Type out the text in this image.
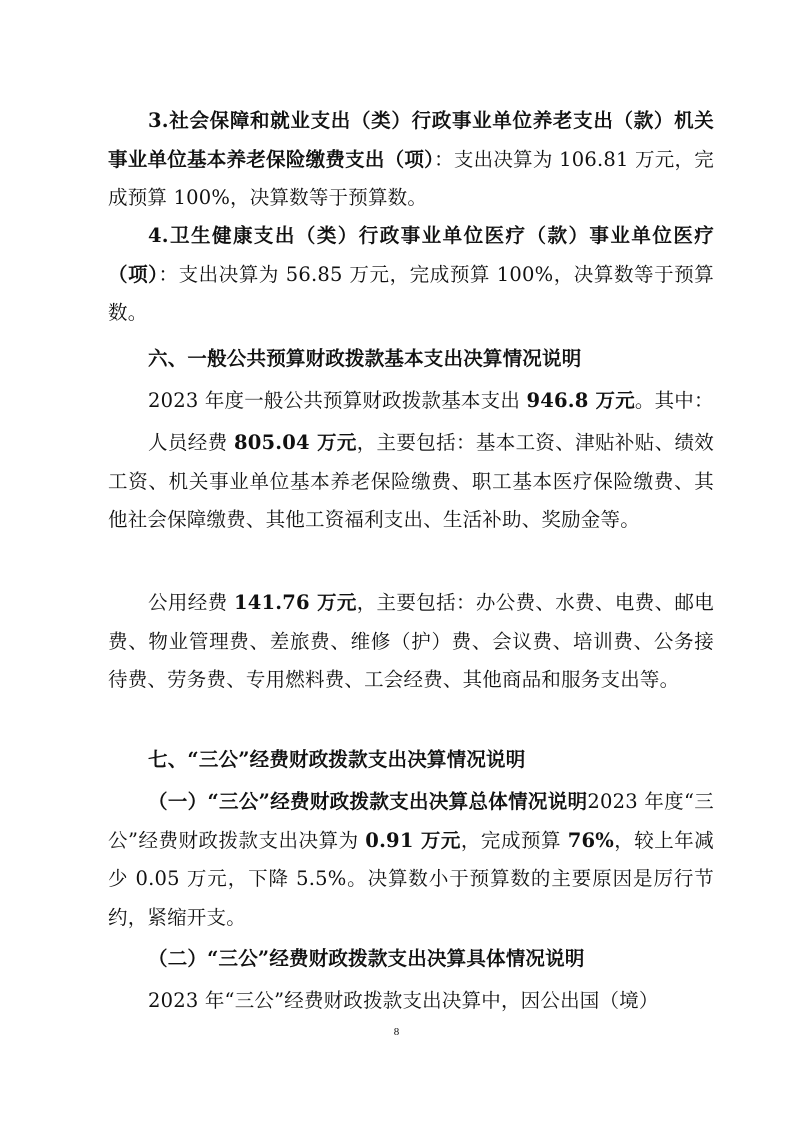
3.社会保障和就业支出（类）行政事业单位养老支出（款）机关事业单位基本养老保险缴费支出（项）：支出决算为 106.81 万元，完成预算 100%，决算数等于预算数。

4.卫生健康支出（类）行政事业单位医疗（款）事业单位医疗（项）：支出决算为 56.85 万元，完成预算 100%，决算数等于预算数。

六、一般公共预算财政拨款基本支出决算情况说明

2023 年度一般公共预算财政拨款基本支出 946.8 万元。其中：

人员经费 805.04 万元，主要包括：基本工资、津贴补贴、绩效工资、机关事业单位基本养老保险缴费、职工基本医疗保险缴费、其他社会保障缴费、其他工资福利支出、生活补助、奖励金等。

公用经费 141.76 万元，主要包括：办公费、水费、电费、邮电费、物业管理费、差旅费、维修（护）费、会议费、培训费、公务接待费、劳务费、专用燃料费、工会经费、其他商品和服务支出等。

七、“三公”经费财政拨款支出决算情况说明

（一）“三公”经费财政拨款支出决算总体情况说明2023 年度“三公”经费财政拨款支出决算为 0.91 万元，完成预算 76%，较上年减少 0.05 万元，下降 5.5%。决算数小于预算数的主要原因是厉行节约，紧缩开支。

（二）“三公”经费财政拨款支出决算具体情况说明

2023 年“三公”经费财政拨款支出决算中，因公出国（境）

8
